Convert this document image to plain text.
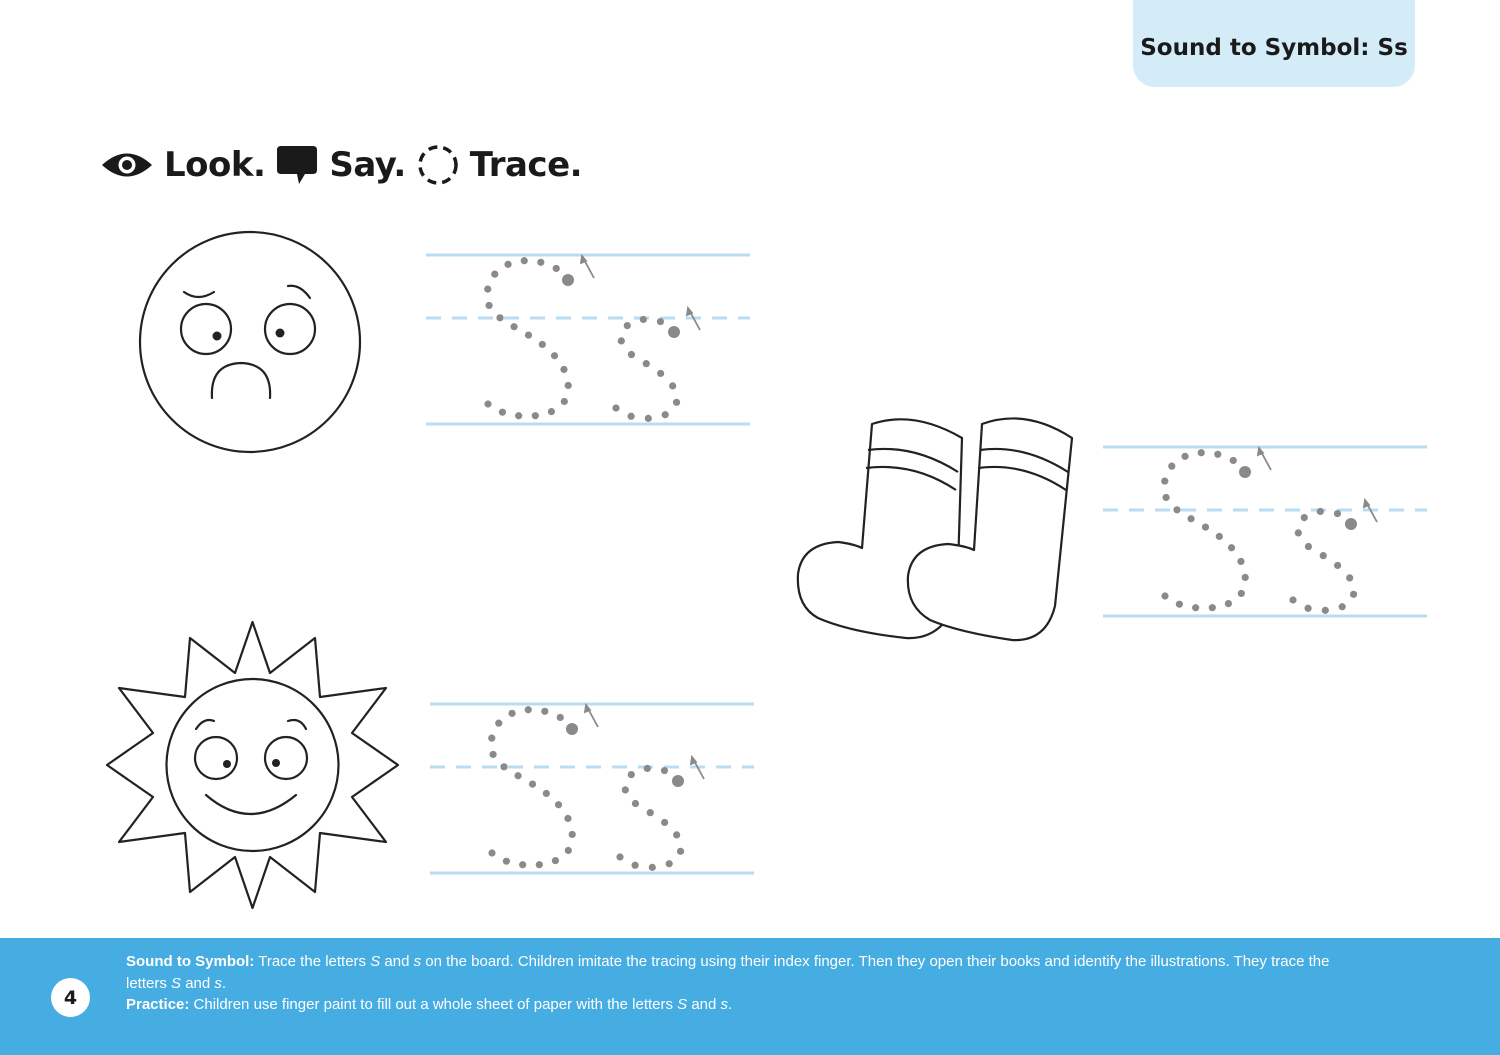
Sound to Symbol: Ss
Look. Say. Trace.
4

Sound to Symbol: Trace the letters S and s on the board. Children imitate the tracing using their index finger. Then they open their books and identify the illustrations. They trace the letters S and s.

Practice: Children use finger paint to fill out a whole sheet of paper with the letters S and s.
